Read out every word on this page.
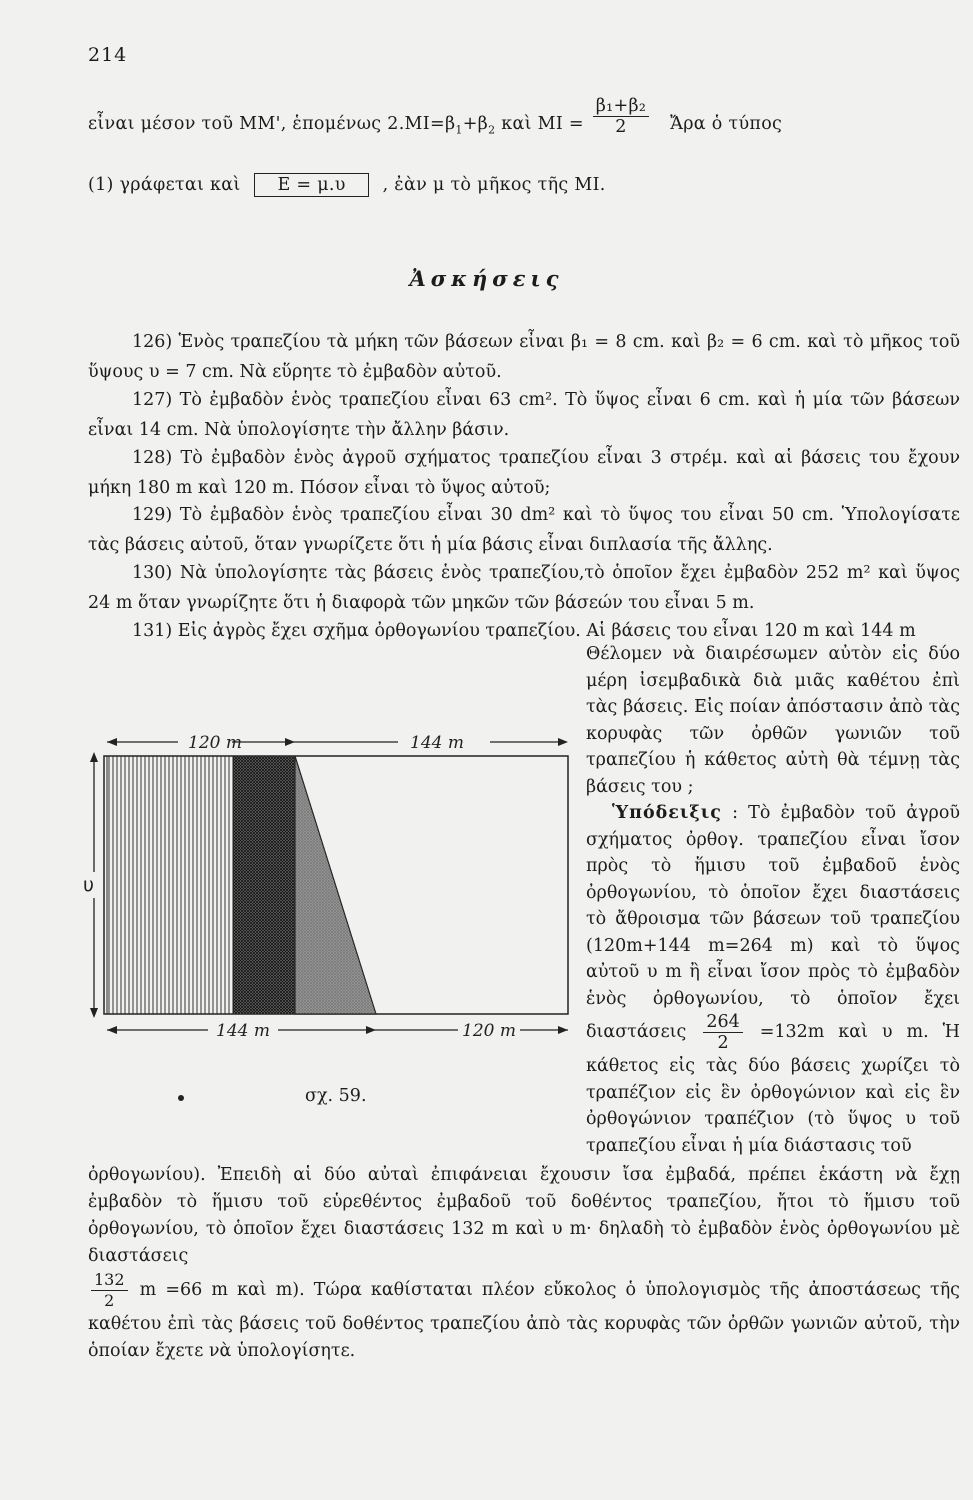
214
εἶναι μέσον τοῦ ΜΜ', ἑπομένως $2.MI=\beta_1+\beta_2$ καὶ $MI = \frac{\text{β₁+β₂}}{2}$ Ἄρα ὁ τύπος
(1) γράφεται καὶ Ε = μ.υ , ἐὰν μ τὸ μῆκος τῆς ΜΙ.
Ἀσκήσεις
126) Ἑνὸς τραπεζίου τὰ μήκη τῶν βάσεων εἶναι β₁ = 8 cm. καὶ β₂ = 6 cm. καὶ τὸ μῆκος τοῦ ὕψους υ = 7 cm. Νὰ εὕρητε τὸ ἐμβαδὸν αὐτοῦ.
127) Τὸ ἐμβαδὸν ἑνὸς τραπεζίου εἶναι 63 cm². Τὸ ὕψος εἶναι 6 cm. καὶ ἡ μία τῶν βάσεων εἶναι 14 cm. Νὰ ὑπολογίσητε τὴν ἄλλην βάσιν.
128) Τὸ ἐμβαδὸν ἑνὸς ἀγροῦ σχήματος τραπεζίου εἶναι 3 στρέμ. καὶ αἱ βάσεις του ἔχουν μήκη 180 m καὶ 120 m. Πόσον εἶναι τὸ ὕψος αὐτοῦ;
129) Τὸ ἐμβαδὸν ἑνὸς τραπεζίου εἶναι 30 dm² καὶ τὸ ὕψος του εἶναι 50 cm. Ὑπολογίσατε τὰς βάσεις αὐτοῦ, ὅταν γνωρίζετε ὅτι ἡ μία βάσις εἶναι διπλασία τῆς ἄλλης.
130) Νὰ ὑπολογίσητε τὰς βάσεις ἑνὸς τραπεζίου,τὸ ὁποῖον ἔχει ἐμβαδὸν 252 m² καὶ ὕψος 24 m ὅταν γνωρίζητε ὅτι ἡ διαφορὰ τῶν μηκῶν τῶν βάσεών του εἶναι 5 m.
131) Εἰς ἀγρὸς ἔχει σχῆμα ὀρθογωνίου τραπεζίου. Αἱ βάσεις του εἶναι 120 m καὶ 144 m
Θέλομεν νὰ διαιρέσωμεν αὐτὸν εἰς δύο μέρη ἰσεμβαδικὰ διὰ μιᾶς καθέτου ἐπὶ τὰς βάσεις. Εἰς ποίαν ἀπόστασιν ἀπὸ τὰς κορυφὰς τῶν ὀρθῶν γωνιῶν τοῦ τραπεζίου ἡ κάθετος αὐτὴ θὰ τέμνῃ τὰς βάσεις του ;
Ὑπόδειξις : Τὸ ἐμβαδὸν τοῦ ἀγροῦ σχήματος ὀρθογ. τραπεζίου εἶναι ἴσον πρὸς τὸ ἥμισυ τοῦ ἐμβαδοῦ ἑνὸς ὀρθογωνίου, τὸ ὁποῖον ἔχει διαστάσεις τὸ ἄθροισμα τῶν βάσεων τοῦ τραπεζίου (120m+144 m=264 m) καὶ τὸ ὕψος αὐτοῦ υ m ἢ εἶναι ἴσον πρὸς τὸ ἐμβαδὸν ἑνὸς ὀρθογωνίου, τὸ ὁποῖον ἔχει διαστάσεις $\frac{264}{2} =132m$ καὶ υ m. Ἡ κάθετος εἰς τὰς δύο βάσεις χωρίζει τὸ τραπέζιον εἰς ἓν ὀρθογώνιον καὶ εἰς ἓν ὀρθογώνιον τραπέζιον (τὸ ὕψος υ τοῦ τραπεζίου εἶναι ἡ μία διάστασις τοῦ
120 m	144 m
144 m	120 m
υ
σχ. 59.
ὀρθογωνίου). Ἐπειδὴ αἱ δύο αὐταὶ ἐπιφάνειαι ἔχουσιν ἴσα ἐμβαδά, πρέπει ἑκάστη νὰ ἔχῃ ἐμβαδὸν τὸ ἥμισυ τοῦ εὑρεθέντος ἐμβαδοῦ τοῦ δοθέντος τραπεζίου, ἤτοι τὸ ἥμισυ τοῦ ὀρθογωνίου, τὸ ὁποῖον ἔχει διαστάσεις 132 m καὶ υ m· δηλαδὴ τὸ ἐμβαδὸν ἑνὸς ὀρθογωνίου μὲ διαστάσεις

$\frac{132}{2}$ m =66 m καὶ m). Τώρα καθίσταται πλέον εὔκολος ὁ ὑπολογισμὸς τῆς ἀποστάσεως τῆς καθέτου ἐπὶ τὰς βάσεις τοῦ δοθέντος τραπεζίου ἀπὸ τὰς κορυφὰς τῶν ὀρθῶν γωνιῶν αὐτοῦ, τὴν ὁποίαν ἔχετε νὰ ὑπολογίσητε.
